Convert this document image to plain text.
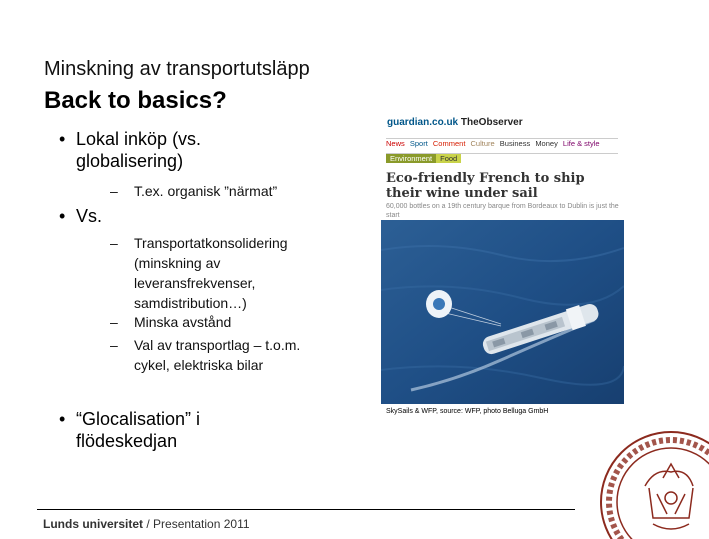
Minskning av transportutsläpp
Back to basics?
• Lokal inköp (vs.
globalisering)
– T.ex. organisk ”närmat”
• Vs.
– Transportatkonsolidering
(minskning av
leveransfrekvenser,
samdistribution…)
– Minska avstånd
– Val av transportlag – t.o.m.
cykel, elektriska bilar
• “Glocalisation” i
flödeskedjan
guardian.co.uk TheObserver
News Sport Comment Culture Business Money Life & style
Environment Food
Eco-friendly French to ship their wine under sail
60,000 bottles on a 19th century barque from Bordeaux to Dublin is just the start
SkySails & WFP, source: WFP, photo Belluga GmbH
Lunds universitet / Presentation 2011
